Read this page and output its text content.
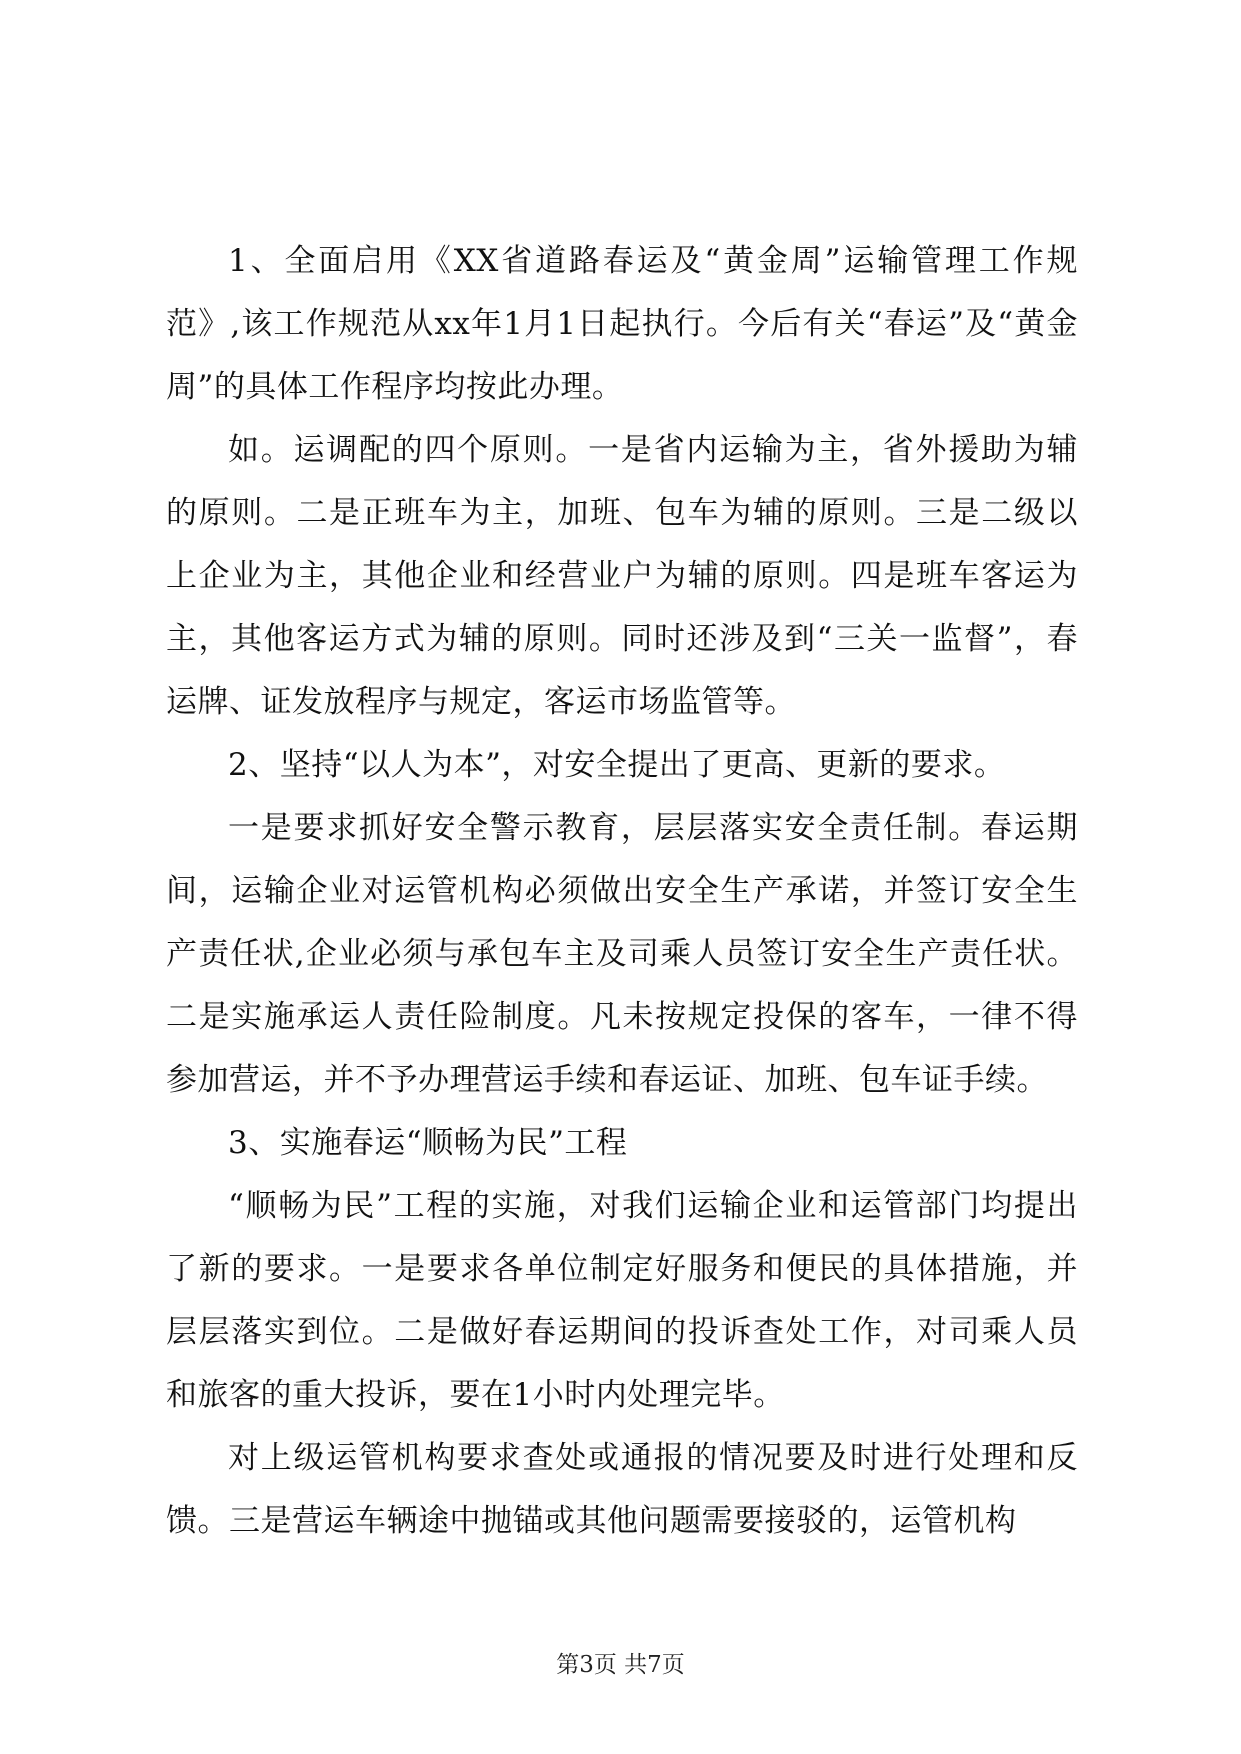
1、全面启用《XX省道路春运及“黄金周”运输管理工作规范》,该工作规范从xx年1月1日起执行。今后有关“春运”及“黄金周”的具体工作程序均按此办理。

如。运调配的四个原则。一是省内运输为主，省外援助为辅的原则。二是正班车为主，加班、包车为辅的原则。三是二级以上企业为主，其他企业和经营业户为辅的原则。四是班车客运为主，其他客运方式为辅的原则。同时还涉及到“三关一监督”，春运牌、证发放程序与规定，客运市场监管等。

2、坚持“以人为本”，对安全提出了更高、更新的要求。

一是要求抓好安全警示教育，层层落实安全责任制。春运期间，运输企业对运管机构必须做出安全生产承诺，并签订安全生产责任状,企业必须与承包车主及司乘人员签订安全生产责任状。二是实施承运人责任险制度。凡未按规定投保的客车，一律不得参加营运，并不予办理营运手续和春运证、加班、包车证手续。

3、实施春运“顺畅为民”工程

“顺畅为民”工程的实施，对我们运输企业和运管部门均提出了新的要求。一是要求各单位制定好服务和便民的具体措施，并层层落实到位。二是做好春运期间的投诉查处工作，对司乘人员和旅客的重大投诉，要在1小时内处理完毕。

对上级运管机构要求查处或通报的情况要及时进行处理和反馈。三是营运车辆途中抛锚或其他问题需要接驳的，运管机构

第3页 共7页
